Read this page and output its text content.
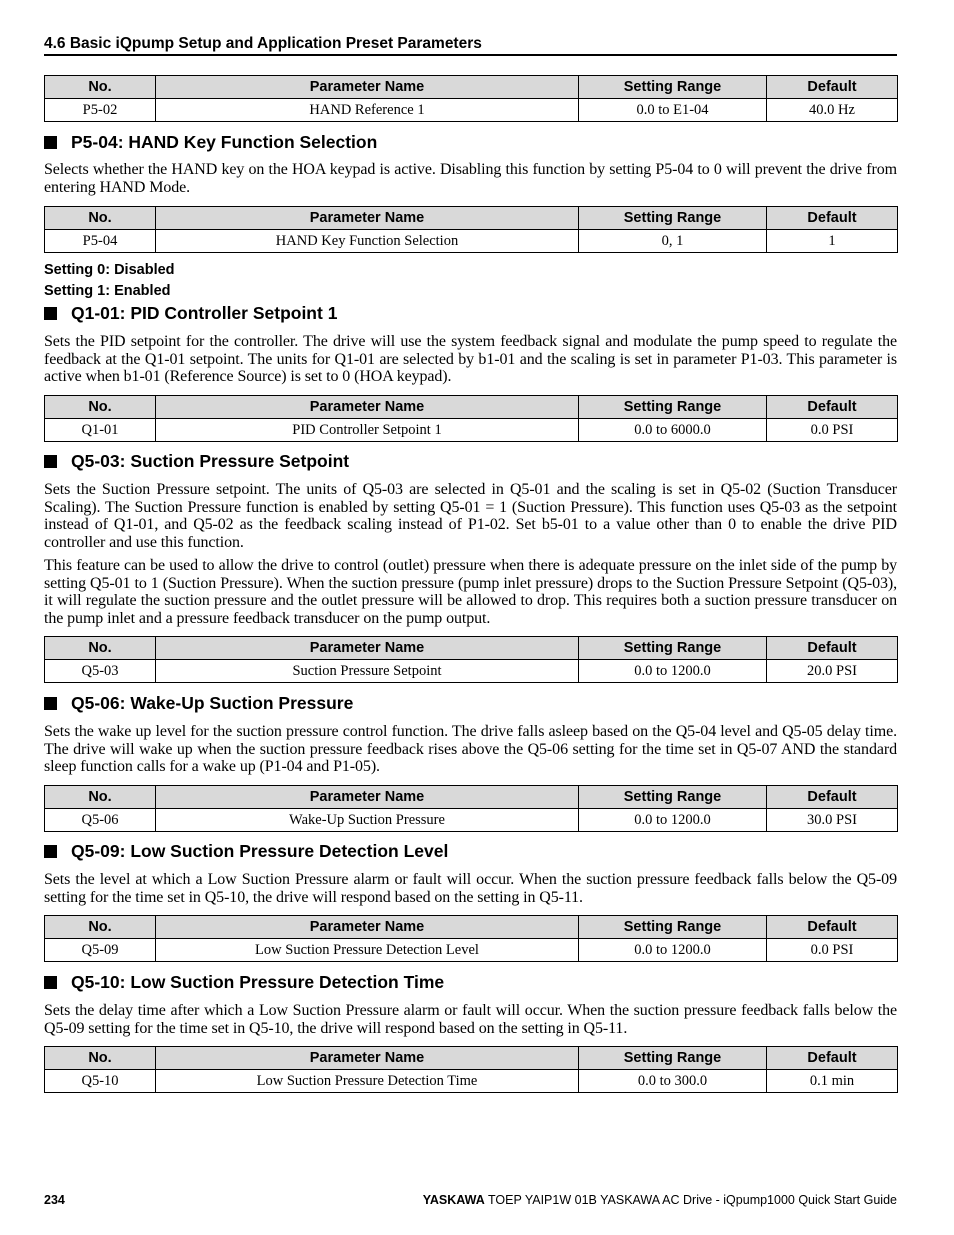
4.6 Basic iQpump Setup and Application Preset Parameters
No.	Parameter Name	Setting Range	Default
P5-02	HAND Reference 1	0.0 to E1-04	40.0 Hz
P5-04: HAND Key Function Selection
Selects whether the HAND key on the HOA keypad is active. Disabling this function by setting P5-04 to 0 will prevent the drive from entering HAND Mode.
No.	Parameter Name	Setting Range	Default
P5-04	HAND Key Function Selection	0, 1	1
Setting 0: Disabled
Setting 1: Enabled
Q1-01: PID Controller Setpoint 1
Sets the PID setpoint for the controller. The drive will use the system feedback signal and modulate the pump speed to regulate the feedback at the Q1-01 setpoint. The units for Q1-01 are selected by b1-01 and the scaling is set in parameter P1-03. This parameter is active when b1-01 (Reference Source) is set to 0 (HOA keypad).
No.	Parameter Name	Setting Range	Default
Q1-01	PID Controller Setpoint 1	0.0 to 6000.0	0.0 PSI
Q5-03: Suction Pressure Setpoint
Sets the Suction Pressure setpoint. The units of Q5-03 are selected in Q5-01 and the scaling is set in Q5-02 (Suction Transducer Scaling). The Suction Pressure function is enabled by setting Q5-01 = 1 (Suction Pressure). This function uses Q5-03 as the setpoint instead of Q1-01, and Q5-02 as the feedback scaling instead of P1-02. Set b5-01 to a value other than 0 to enable the drive PID controller and use this function.
This feature can be used to allow the drive to control (outlet) pressure when there is adequate pressure on the inlet side of the pump by setting Q5-01 to 1 (Suction Pressure). When the suction pressure (pump inlet pressure) drops to the Suction Pressure Setpoint (Q5-03), it will regulate the suction pressure and the outlet pressure will be allowed to drop. This requires both a suction pressure transducer on the pump inlet and a pressure feedback transducer on the pump output.
No.	Parameter Name	Setting Range	Default
Q5-03	Suction Pressure Setpoint	0.0 to 1200.0	20.0 PSI
Q5-06: Wake-Up Suction Pressure
Sets the wake up level for the suction pressure control function. The drive falls asleep based on the Q5-04 level and Q5-05 delay time. The drive will wake up when the suction pressure feedback rises above the Q5-06 setting for the time set in Q5-07 AND the standard sleep function calls for a wake up (P1-04 and P1-05).
No.	Parameter Name	Setting Range	Default
Q5-06	Wake-Up Suction Pressure	0.0 to 1200.0	30.0 PSI
Q5-09: Low Suction Pressure Detection Level
Sets the level at which a Low Suction Pressure alarm or fault will occur. When the suction pressure feedback falls below the Q5-09 setting for the time set in Q5-10, the drive will respond based on the setting in Q5-11.
No.	Parameter Name	Setting Range	Default
Q5-09	Low Suction Pressure Detection Level	0.0 to 1200.0	0.0 PSI
Q5-10: Low Suction Pressure Detection Time
Sets the delay time after which a Low Suction Pressure alarm or fault will occur. When the suction pressure feedback falls below the Q5-09 setting for the time set in Q5-10, the drive will respond based on the setting in Q5-11.
No.	Parameter Name	Setting Range	Default
Q5-10	Low Suction Pressure Detection Time	0.0 to 300.0	0.1 min
234	YASKAWA TOEP YAIP1W 01B YASKAWA AC Drive - iQpump1000 Quick Start Guide
